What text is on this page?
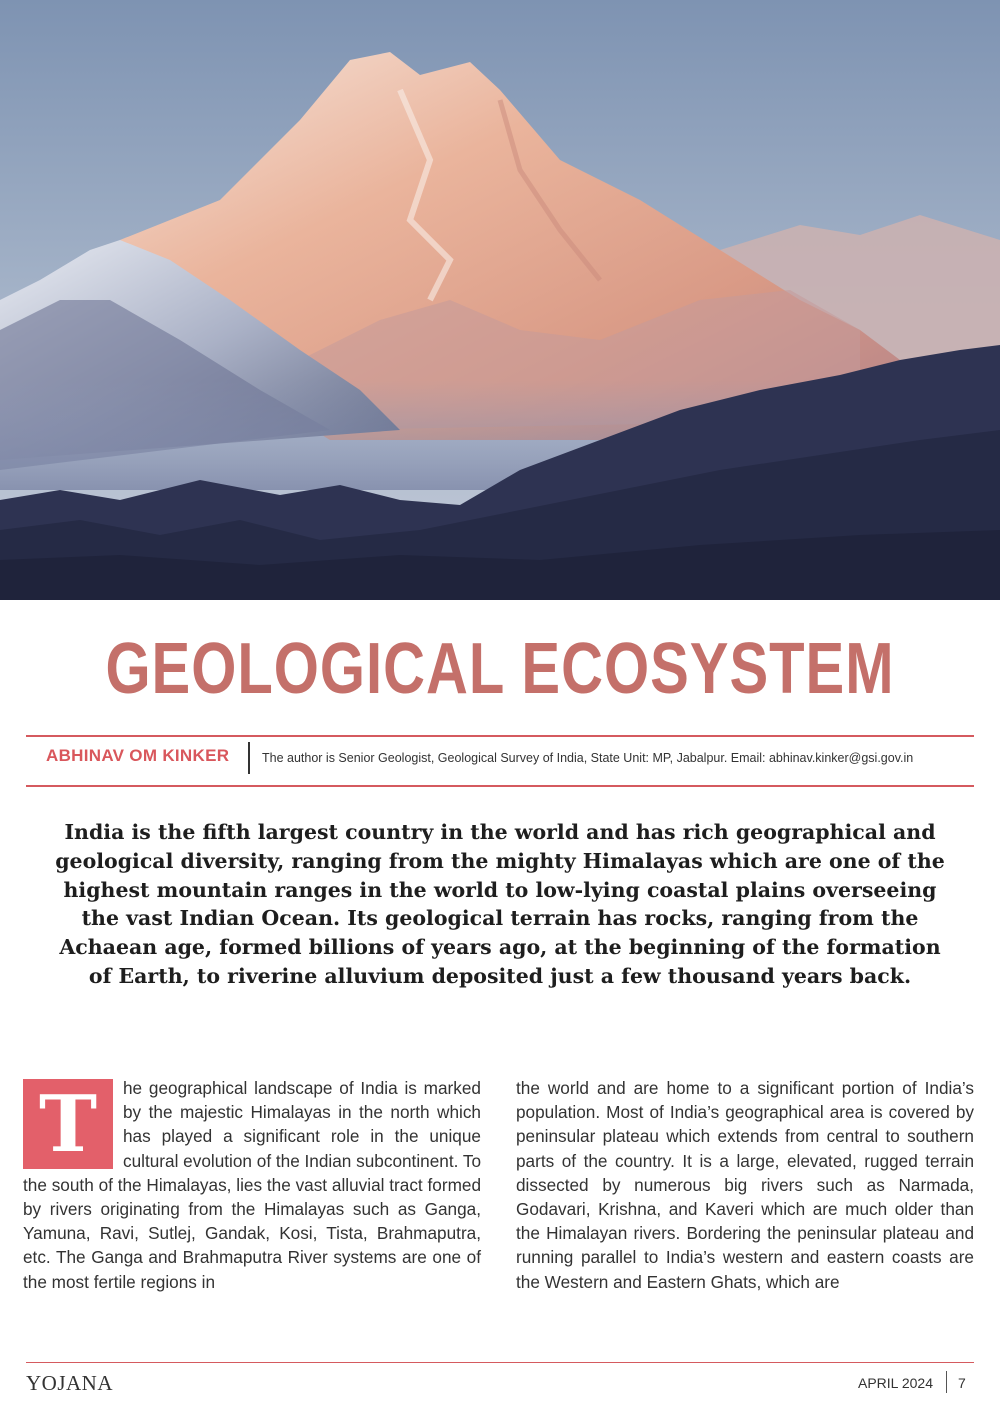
GEOLOGICAL ECOSYSTEM
ABHINAV OM KINKER	The author is Senior Geologist, Geological Survey of India, State Unit: MP, Jabalpur. Email: abhinav.kinker@gsi.gov.in
India is the fifth largest country in the world and has rich geographical and geological diversity, ranging from the mighty Himalayas which are one of the highest mountain ranges in the world to low-lying coastal plains overseeing the vast Indian Ocean. Its geological terrain has rocks, ranging from the Achaean age, formed billions of years ago, at the beginning of the formation of Earth, to riverine alluvium deposited just a few thousand years back.
T	he geographical landscape of India is marked by the majestic Himalayas in the north which has played a significant role in the unique cultural evolution of the Indian subcontinent. To the south of the Himalayas, lies the vast alluvial tract formed by rivers originating from the Himalayas such as Ganga, Yamuna, Ravi, Sutlej, Gandak, Kosi, Tista, Brahmaputra, etc. The Ganga and Brahmaputra River systems are one of the most fertile regions in
the world and are home to a significant portion of India’s population. Most of India’s geographical area is covered by peninsular plateau which extends from central to southern parts of the country. It is a large, elevated, rugged terrain dissected by numerous big rivers such as Narmada, Godavari, Krishna, and Kaveri which are much older than the Himalayan rivers. Bordering the peninsular plateau and running parallel to India’s western and eastern coasts are the Western and Eastern Ghats, which are
YOJANA	APRIL 2024 7
